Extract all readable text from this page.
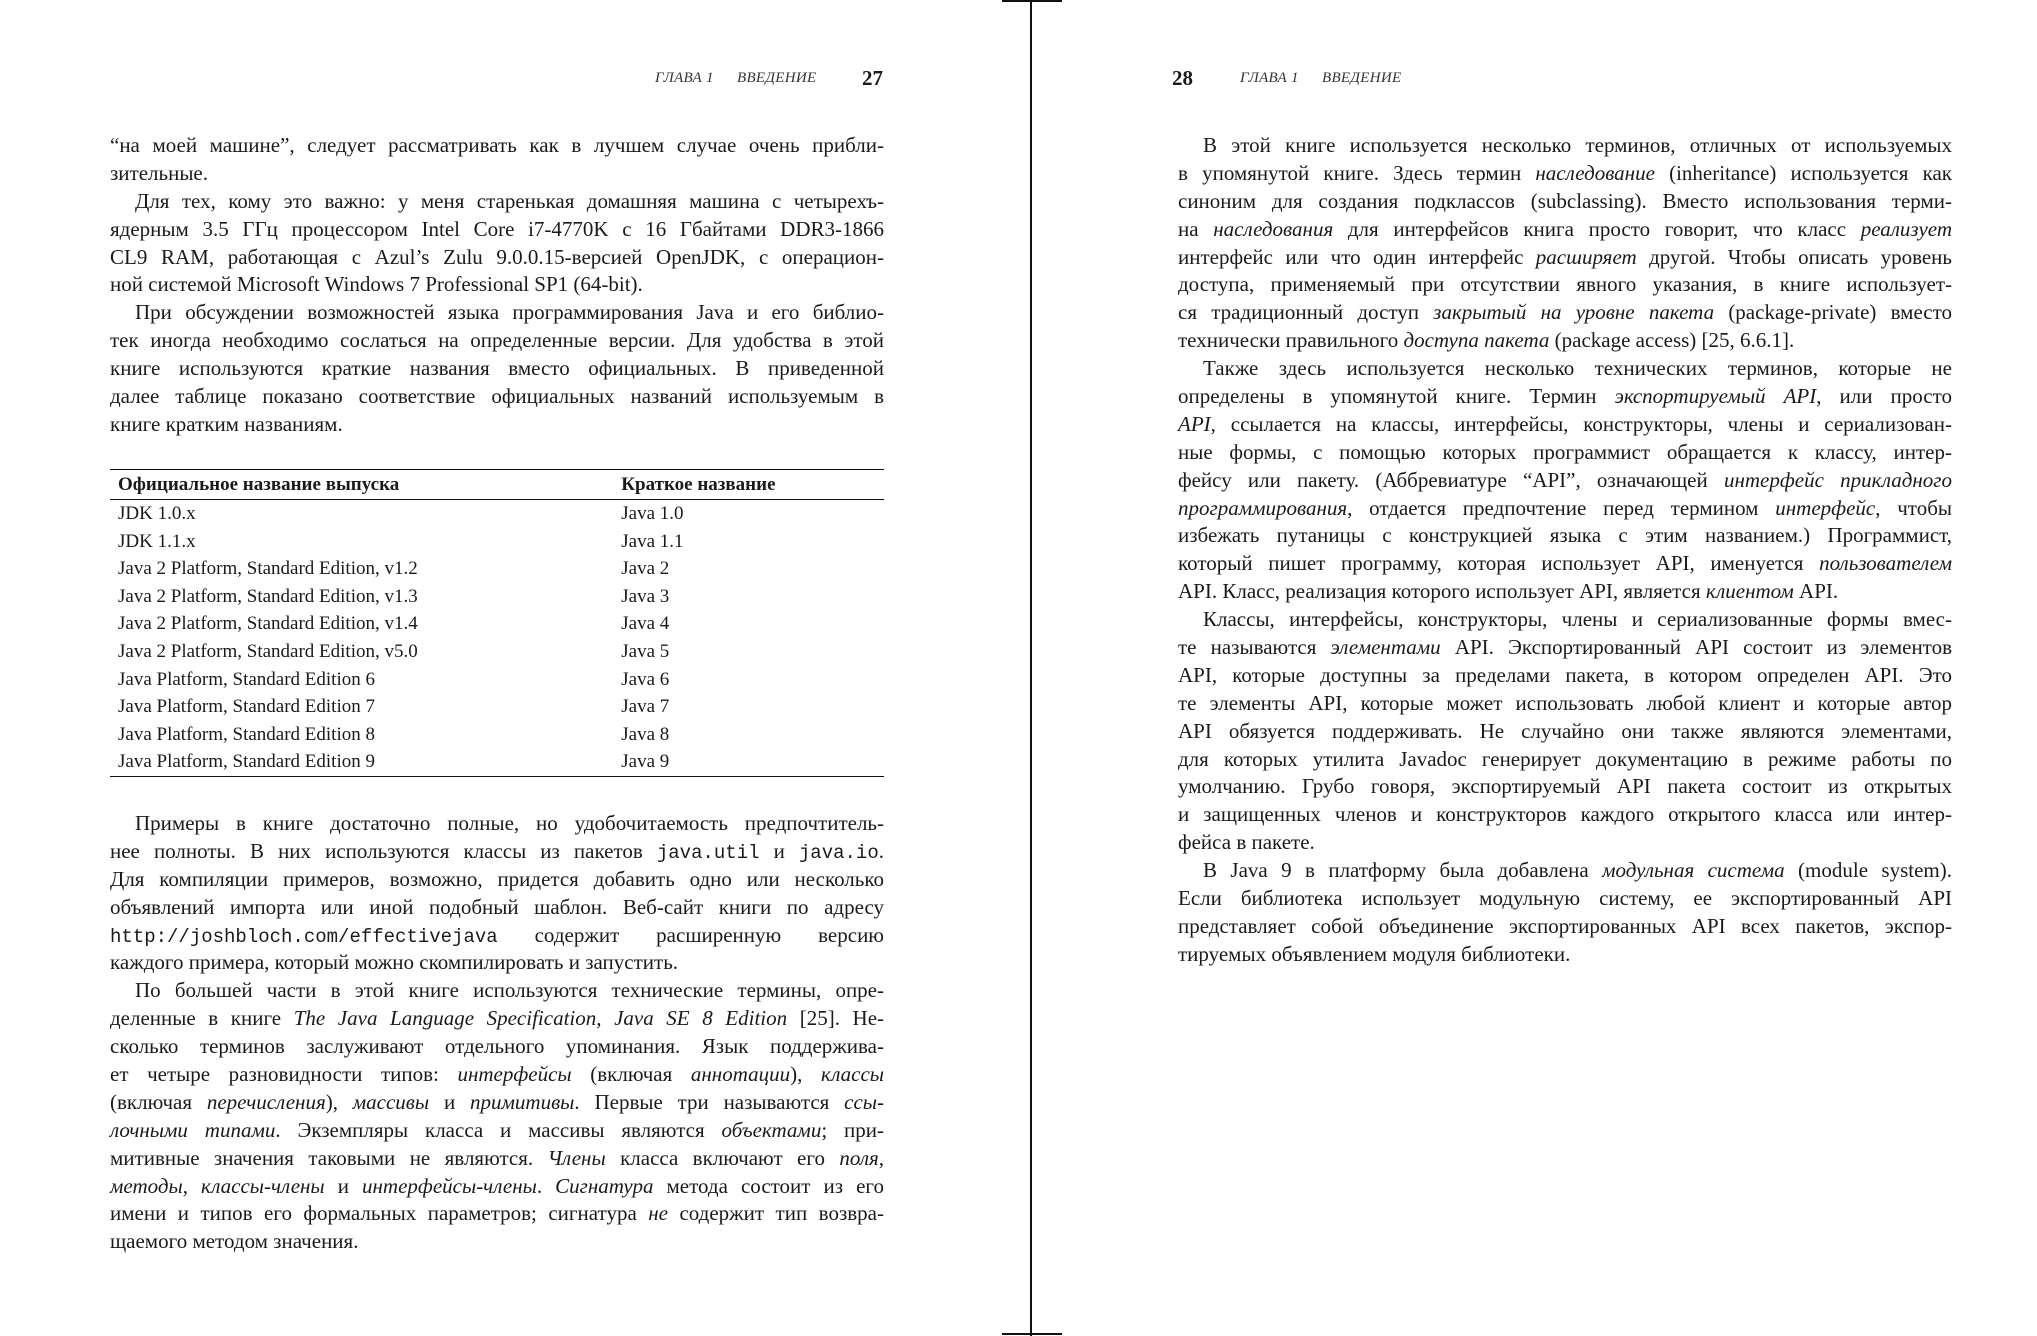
ГЛАВА 1 ВВЕДЕНИЕ 27	28	ГЛАВА 1 ВВЕДЕНИЕ
“на моей машине”, следует рассматривать как в лучшем случае очень прибли-
зительные.
Для тех, кому это важно: у меня старенькая домашняя машина с четырехъ-
ядерным 3.5 ГГц процессором Intel Core i7-4770K с 16 Гбайтами DDR3-1866
CL9 RAM, работающая с Azul’s Zulu 9.0.0.15-версией OpenJDK, с операцион-
ной системой Microsoft Windows 7 Professional SP1 (64-bit).
При обсуждении возможностей языка программирования Java и его библио-
тек иногда необходимо сослаться на определенные версии. Для удобства в этой
книге используются краткие названия вместо официальных. В приведенной
далее таблице показано соответствие официальных названий используемым в
книге кратким названиям.
Официальное название выпуска	Краткое название
JDK 1.0.x	Java 1.0
JDK 1.1.x	Java 1.1
Java 2 Platform, Standard Edition, v1.2	Java 2
Java 2 Platform, Standard Edition, v1.3	Java 3
Java 2 Platform, Standard Edition, v1.4	Java 4
Java 2 Platform, Standard Edition, v5.0	Java 5
Java Platform, Standard Edition 6	Java 6
Java Platform, Standard Edition 7	Java 7
Java Platform, Standard Edition 8	Java 8
Java Platform, Standard Edition 9	Java 9
Примеры в книге достаточно полные, но удобочитаемость предпочтитель-
нее полноты. В них используются классы из пакетов java.util и java.io.
Для компиляции примеров, возможно, придется добавить одно или несколько
объявлений импорта или иной подобный шаблон. Веб-сайт книги по адресу
http://joshbloch.com/effectivejava содержит расширенную версию
каждого примера, который можно скомпилировать и запустить.
По большей части в этой книге используются технические термины, опре-
деленные в книге The Java Language Specification, Java SE 8 Edition [25]. Не-
сколько терминов заслуживают отдельного упоминания. Язык поддержива-
ет четыре разновидности типов: интерфейсы (включая аннотации), классы
(включая перечисления), массивы и примитивы. Первые три называются ссы-
лочными типами. Экземпляры класса и массивы являются объектами; при-
митивные значения таковыми не являются. Члены класса включают его поля,
методы, классы-члены и интерфейсы-члены. Сигнатура метода состоит из его
имени и типов его формальных параметров; сигнатура не содержит тип возвра-
щаемого методом значения.
В этой книге используется несколько терминов, отличных от используемых
в упомянутой книге. Здесь термин наследование (inheritance) используется как
синоним для создания подклассов (subclassing). Вместо использования терми-
на наследования для интерфейсов книга просто говорит, что класс реализует
интерфейс или что один интерфейс расширяет другой. Чтобы описать уровень
доступа, применяемый при отсутствии явного указания, в книге использует-
ся традиционный доступ закрытый на уровне пакета (package-private) вместо
технически правильного доступа пакета (package access) [25, 6.6.1].
Также здесь используется несколько технических терминов, которые не
определены в упомянутой книге. Термин экспортируемый API, или просто
API, ссылается на классы, интерфейсы, конструкторы, члены и сериализован-
ные формы, с помощью которых программист обращается к классу, интер-
фейсу или пакету. (Аббревиатуре “API”, означающей интерфейс прикладного
программирования, отдается предпочтение перед термином интерфейс, чтобы
избежать путаницы с конструкцией языка с этим названием.) Программист,
который пишет программу, которая использует API, именуется пользователем
API. Класс, реализация которого использует API, является клиентом API.
Классы, интерфейсы, конструкторы, члены и сериализованные формы вмес-
те называются элементами API. Экспортированный API состоит из элементов
API, которые доступны за пределами пакета, в котором определен API. Это
те элементы API, которые может использовать любой клиент и которые автор
API обязуется поддерживать. Не случайно они также являются элементами,
для которых утилита Javadoc генерирует документацию в режиме работы по
умолчанию. Грубо говоря, экспортируемый API пакета состоит из открытых
и защищенных членов и конструкторов каждого открытого класса или интер-
фейса в пакете.
В Java 9 в платформу была добавлена модульная система (module system).
Если библиотека использует модульную систему, ее экспортированный API
представляет собой объединение экспортированных API всех пакетов, экспор-
тируемых объявлением модуля библиотеки.
